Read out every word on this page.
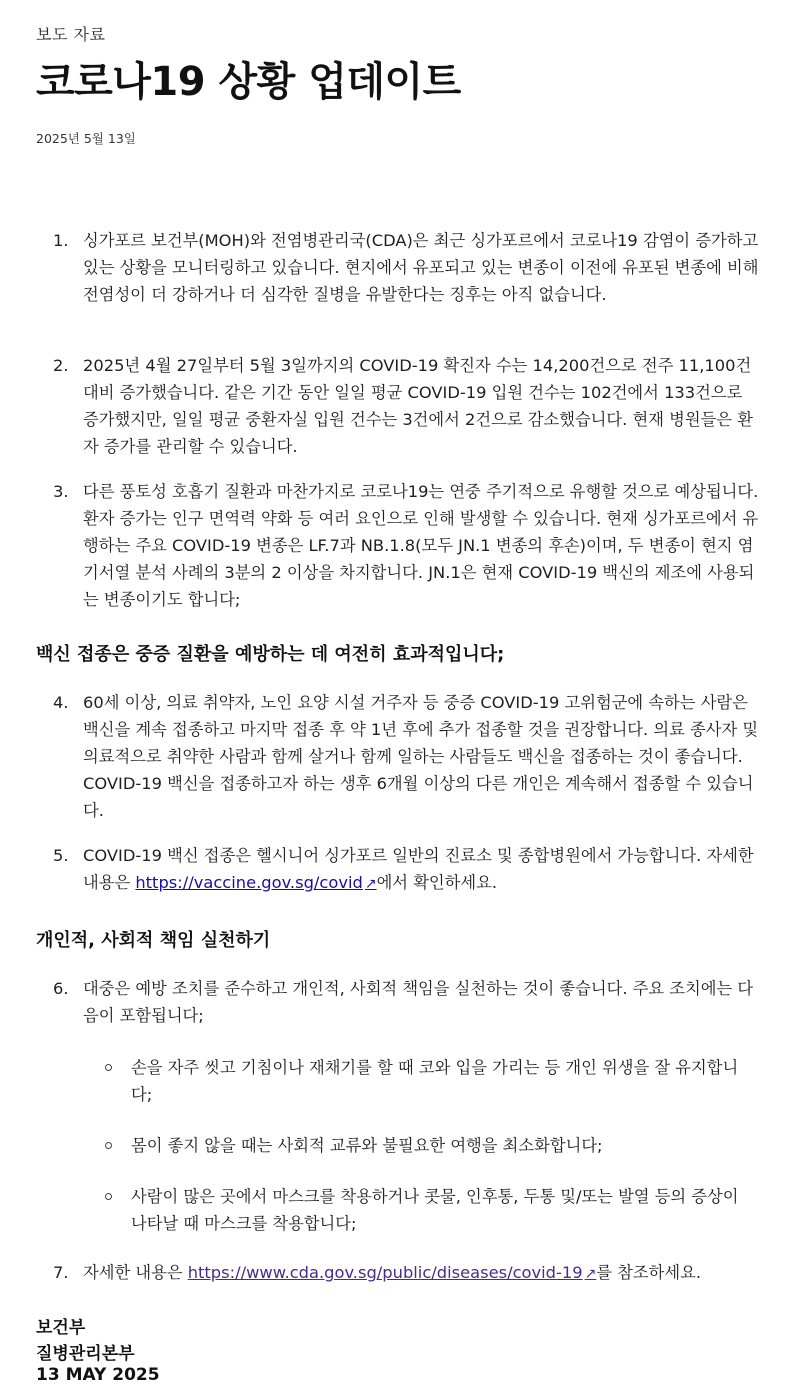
보도 자료
코로나19 상황 업데이트
2025년 5월 13일
1. 싱가포르 보건부(MOH)와 전염병관리국(CDA)은 최근 싱가포르에서 코로나19 감염이 증가하고 있는 상황을 모니터링하고 있습니다. 현지에서 유포되고 있는 변종이 이전에 유포된 변종에 비해 전염성이 더 강하거나 더 심각한 질병을 유발한다는 징후는 아직 없습니다.
2. 2025년 4월 27일부터 5월 3일까지의 COVID-19 확진자 수는 14,200건으로 전주 11,100건 대비 증가했습니다. 같은 기간 동안 일일 평균 COVID-19 입원 건수는 102건에서 133건으로 증가했지만, 일일 평균 중환자실 입원 건수는 3건에서 2건으로 감소했습니다. 현재 병원들은 환자 증가를 관리할 수 있습니다.
3. 다른 풍토성 호흡기 질환과 마찬가지로 코로나19는 연중 주기적으로 유행할 것으로 예상됩니다. 환자 증가는 인구 면역력 약화 등 여러 요인으로 인해 발생할 수 있습니다. 현재 싱가포르에서 유행하는 주요 COVID-19 변종은 LF.7과 NB.1.8(모두 JN.1 변종의 후손)이며, 두 변종이 현지 염기서열 분석 사례의 3분의 2 이상을 차지합니다. JN.1은 현재 COVID-19 백신의 제조에 사용되는 변종이기도 합니다;
백신 접종은 중증 질환을 예방하는 데 여전히 효과적입니다;
4. 60세 이상, 의료 취약자, 노인 요양 시설 거주자 등 중증 COVID-19 고위험군에 속하는 사람은 백신을 계속 접종하고 마지막 접종 후 약 1년 후에 추가 접종할 것을 권장합니다. 의료 종사자 및 의료적으로 취약한 사람과 함께 살거나 함께 일하는 사람들도 백신을 접종하는 것이 좋습니다. COVID-19 백신을 접종하고자 하는 생후 6개월 이상의 다른 개인은 계속해서 접종할 수 있습니다.
5. COVID-19 백신 접종은 헬시니어 싱가포르 일반의 진료소 및 종합병원에서 가능합니다. 자세한 내용은 https://vaccine.gov.sg/covid ↗에서 확인하세요.
개인적, 사회적 책임 실천하기
6. 대중은 예방 조치를 준수하고 개인적, 사회적 책임을 실천하는 것이 좋습니다. 주요 조치에는 다음이 포함됩니다;
손을 자주 씻고 기침이나 재채기를 할 때 코와 입을 가리는 등 개인 위생을 잘 유지합니다;
몸이 좋지 않을 때는 사회적 교류와 불필요한 여행을 최소화합니다;
사람이 많은 곳에서 마스크를 착용하거나 콧물, 인후통, 두통 및/또는 발열 등의 증상이 나타날 때 마스크를 착용합니다;
7. 자세한 내용은 https://www.cda.gov.sg/public/diseases/covid-19 ↗를 참조하세요.
보건부
질병관리본부
13 MAY 2025
